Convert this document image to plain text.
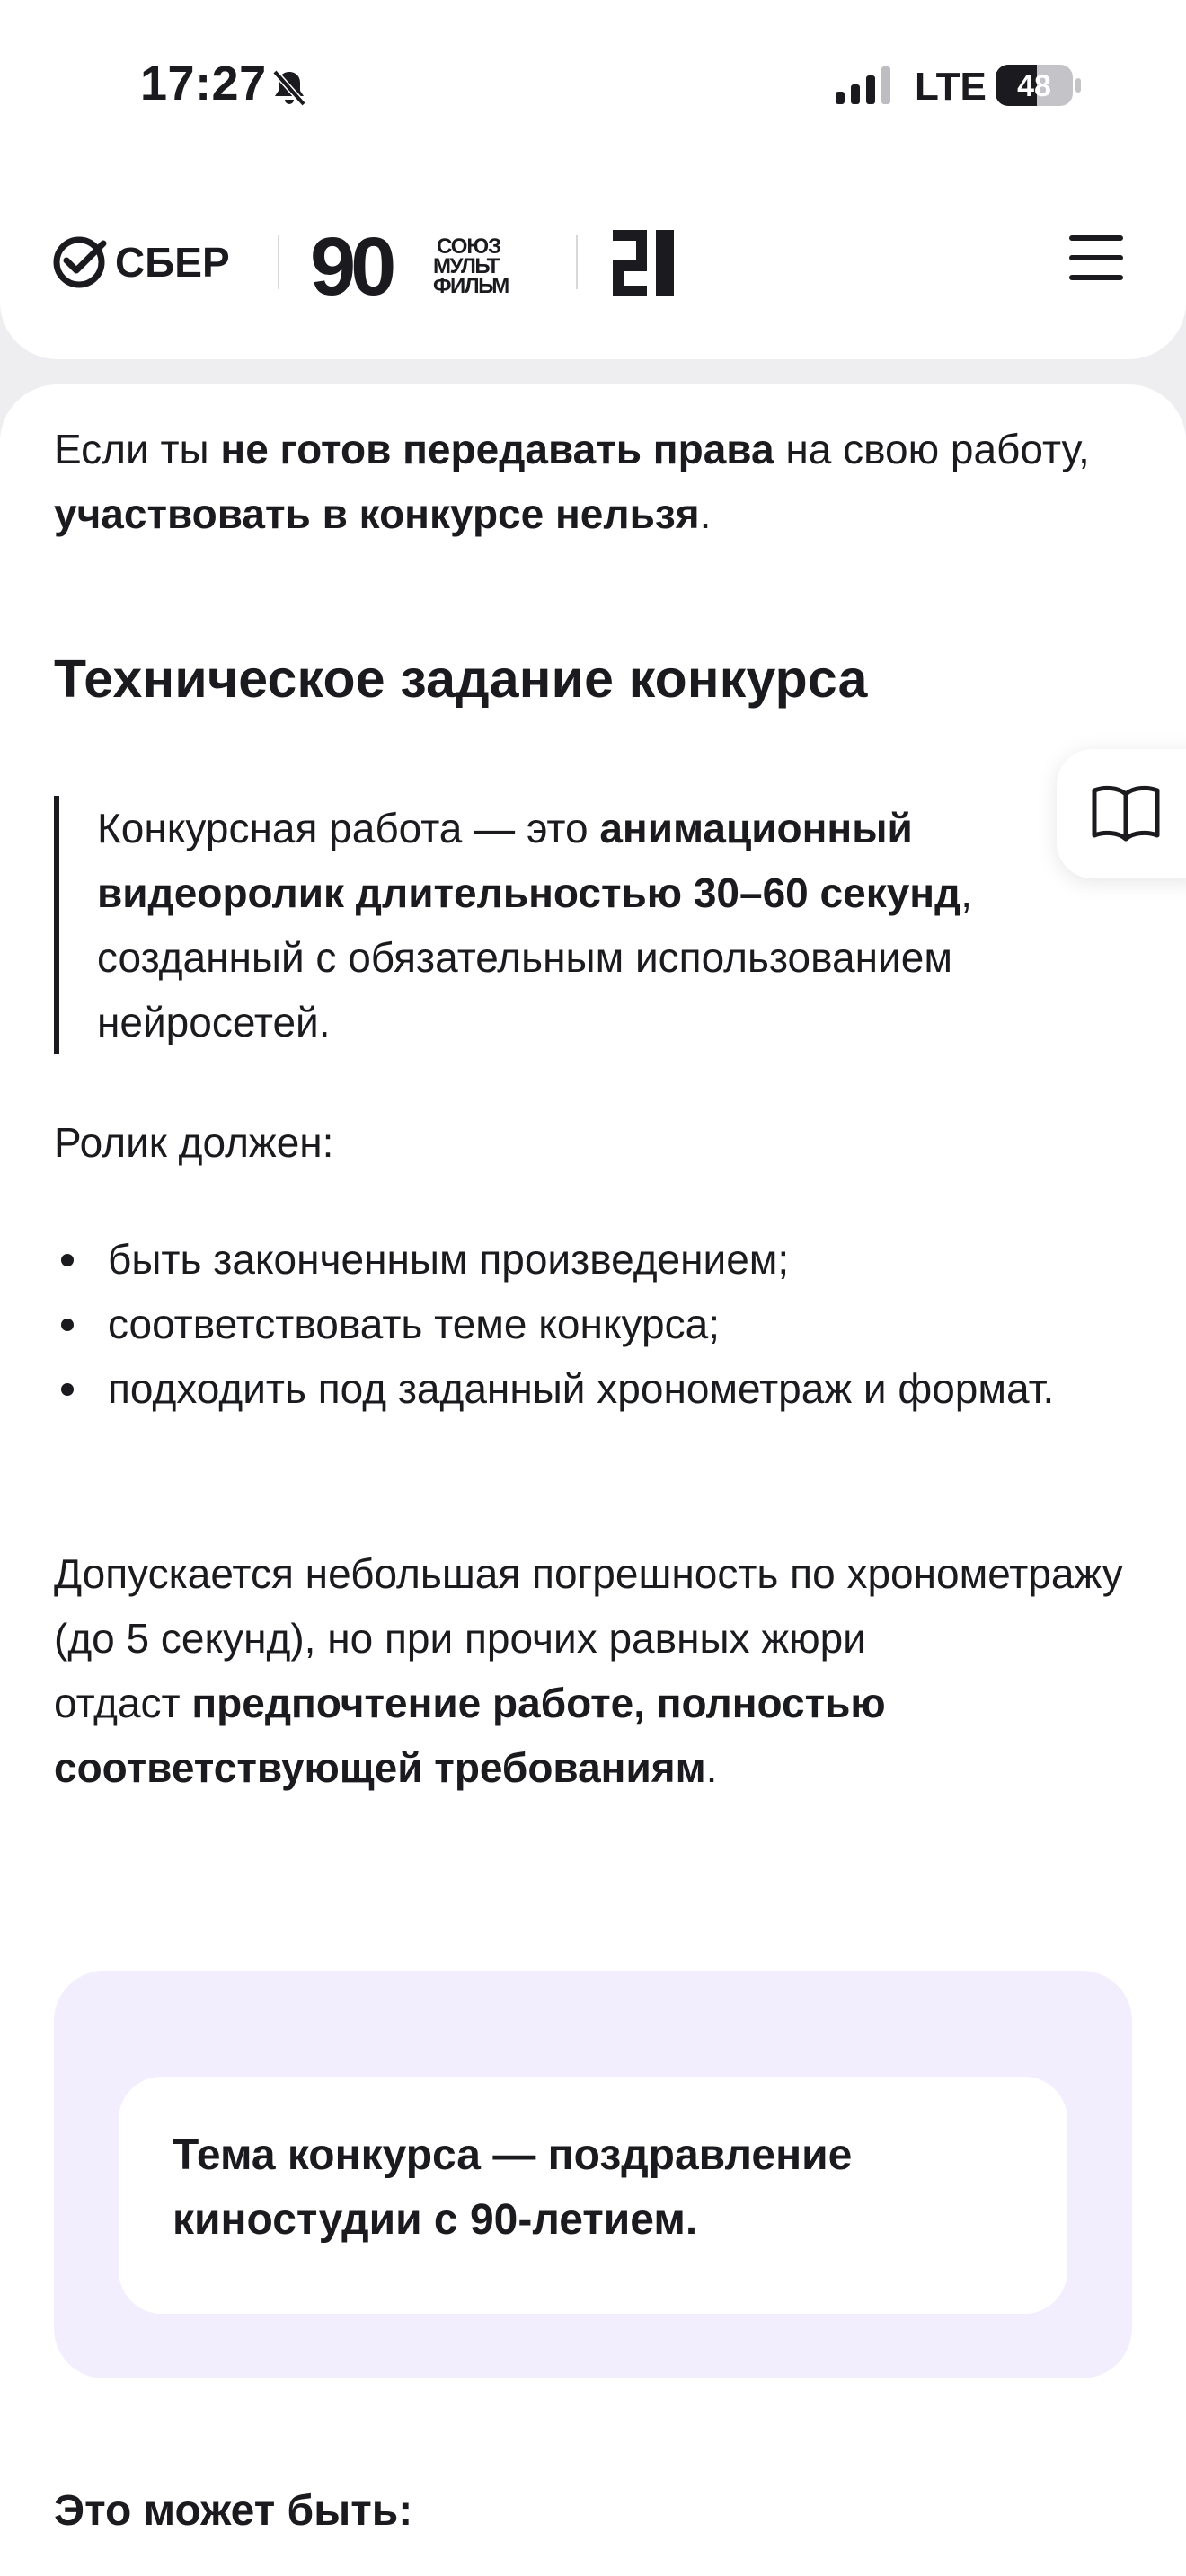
17:27	LTE 48
СБЕР 90 СОЮЗ
МУЛЬТ
ФИЛЬМ

Если ты не готов передавать права на свою работу, участвовать в конкурсе нельзя.

Техническое задание конкурса

Конкурсная работа — это анимационный видеоролик длительностью 30–60 секунд, созданный с обязательным использованием нейросетей.

Ролик должен:

быть законченным произведением;
соответствовать теме конкурса;
подходить под заданный хронометраж и формат.

Допускается небольшая погрешность по хронометражу (до 5 секунд), но при прочих равных жюри
отдаст предпочтение работе, полностью соответствующей требованиям.

Тема конкурса — поздравление киностудии с 90-летием.
Это может быть:
